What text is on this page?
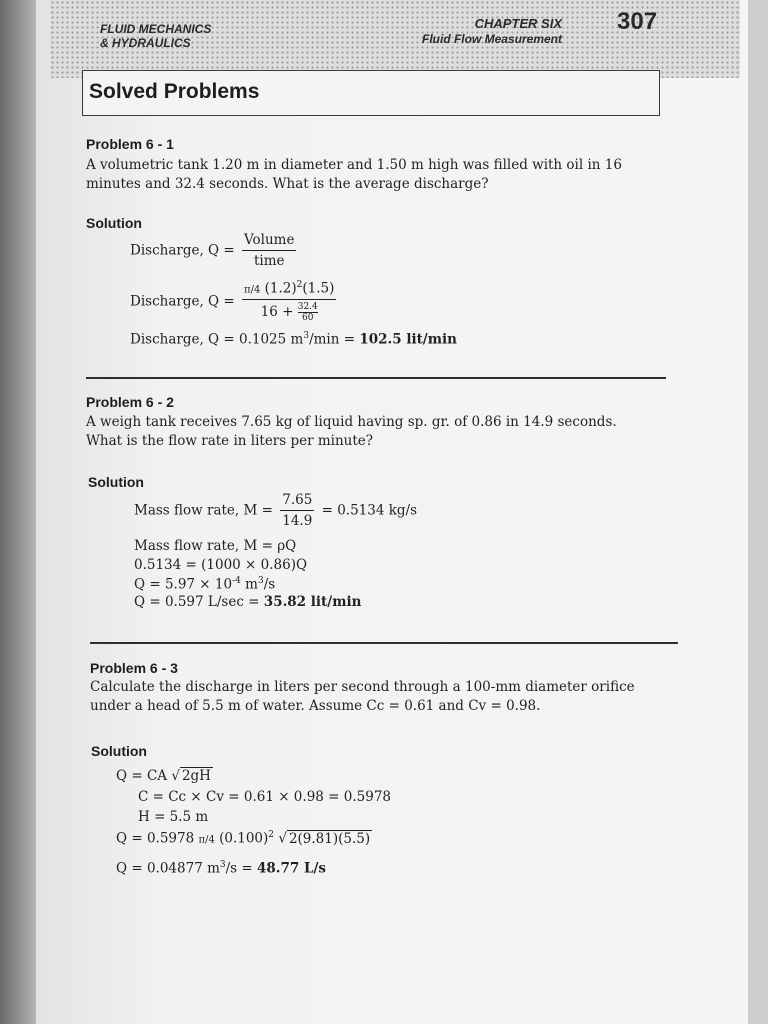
FLUID MECHANICS
& HYDRAULICS
CHAPTER SIX
Fluid Flow Measurement
307
Solved Problems
Problem 6 - 1
A volumetric tank 1.20 m in diameter and 1.50 m high was filled with oil in 16
minutes and 32.4 seconds. What is the average discharge?
Solution
Discharge, $Q = \frac{\text{Volume}}{\text{time}}$
Discharge, $Q = \frac{\pi/4 (1.2)^2(1.5)}{16 + \frac{32.4}{60}}$
Discharge, Q = 0.1025 $m^3/\min = 102.5$ lit/min
Problem 6 - 2
A weigh tank receives 7.65 kg of liquid having sp. gr. of 0.86 in 14.9 seconds.
What is the flow rate in liters per minute?
Solution
Mass flow rate, $M = \frac{7.65}{14.9} = 0.5134$ kg/s
Mass flow rate, M = ρQ
0.5134 = (1000 × 0.86)Q
$Q = 5.97 \times 10^{-4}$ $m^3/s$
Q = 0.597 L/sec = 35.82 lit/min
Problem 6 - 3
Calculate the discharge in liters per second through a 100-mm diameter orifice
under a head of 5.5 m of water. Assume Cc = 0.61 and Cv = 0.98.
Solution
Q = CA √ 2gH
C = Cc × Cv = 0.61 × 0.98 = 0.5978
H = 5.5 m
Q = 0.5978 π/4 $(0.100)^2$ √ 2(9.81)(5.5)
Q = 0.04877 $m^3/s = 48.77$ L/s
